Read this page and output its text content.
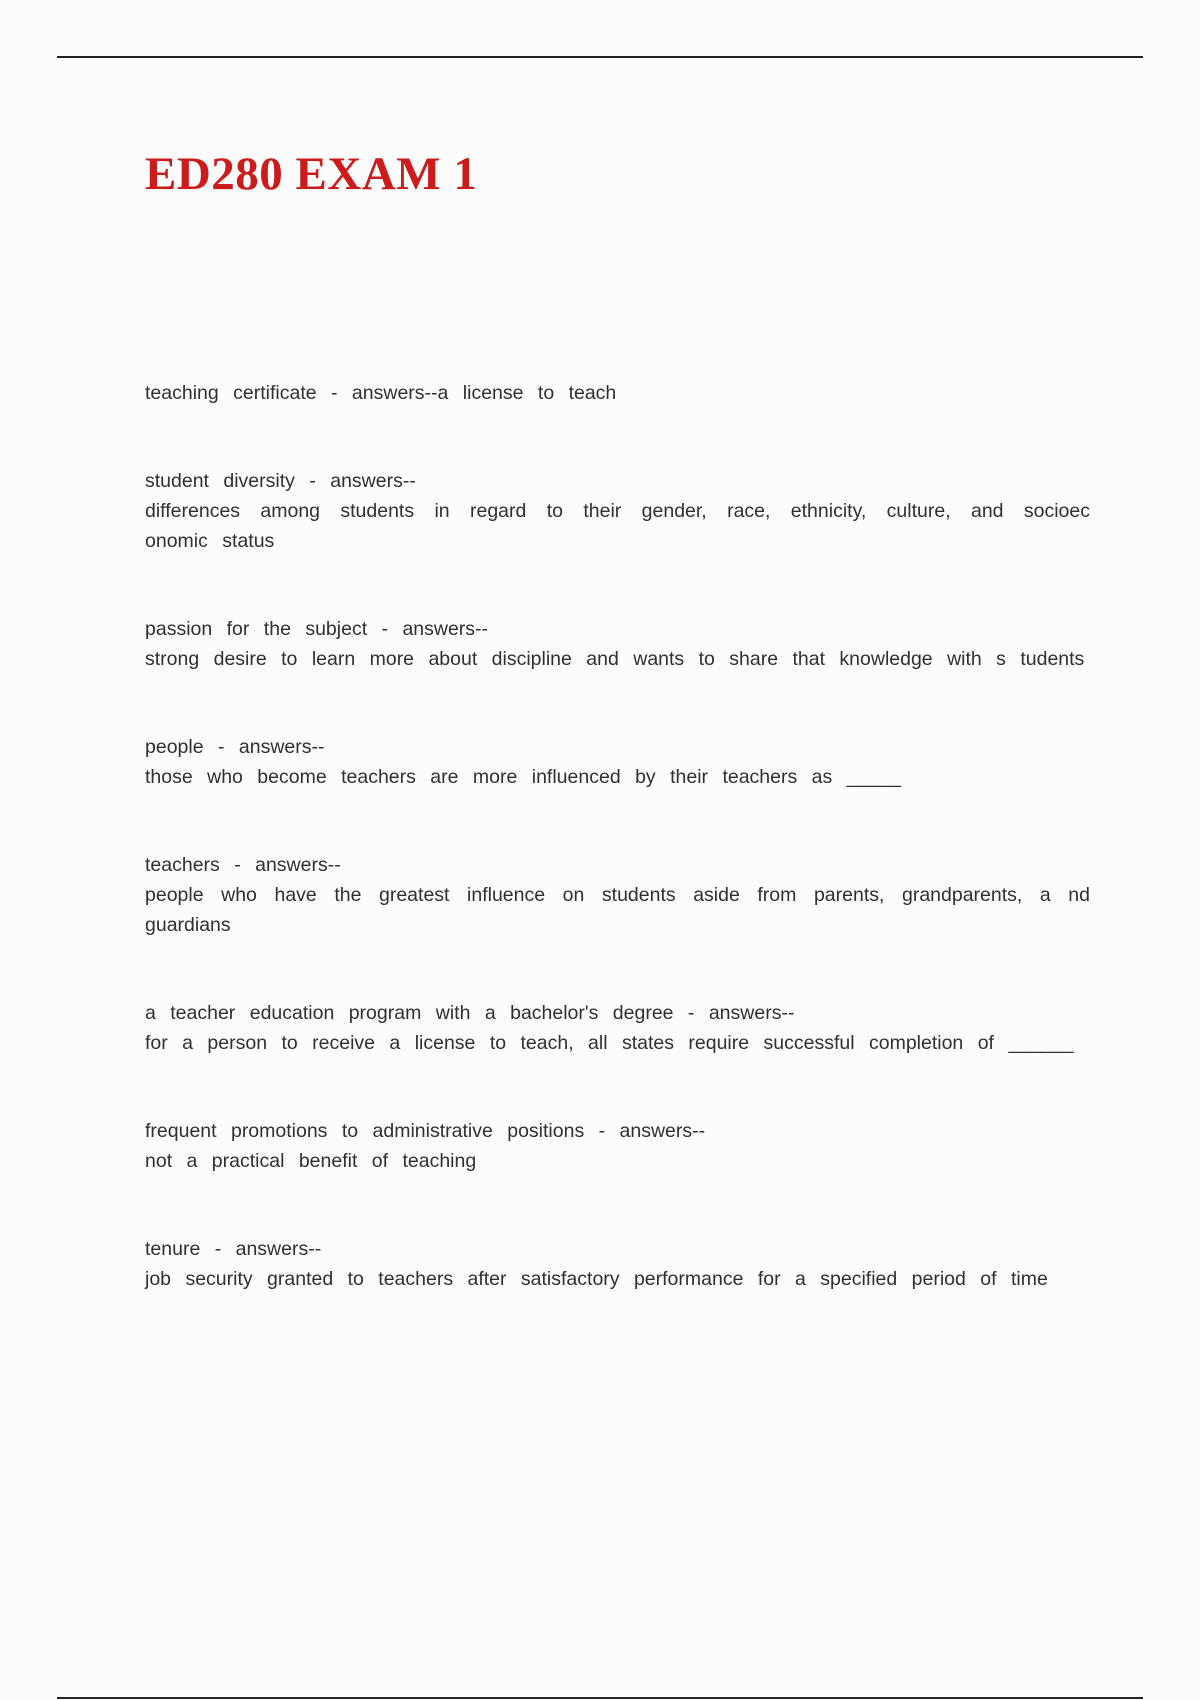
ED280 EXAM 1

teaching certificate - answers--a license to teach

student diversity - answers--
differences among students in regard to their gender, race, ethnicity, culture, and socioec onomic status

passion for the subject - answers--
strong desire to learn more about discipline and wants to share that knowledge with s tudents

people - answers--
those who become teachers are more influenced by their teachers as _____

teachers - answers--
people who have the greatest influence on students aside from parents, grandparents, a nd guardians

a teacher education program with a bachelor's degree - answers--
for a person to receive a license to teach, all states require successful completion of ______

frequent promotions to administrative positions - answers--
not a practical benefit of teaching

tenure - answers--
job security granted to teachers after satisfactory performance for a specified period of time
